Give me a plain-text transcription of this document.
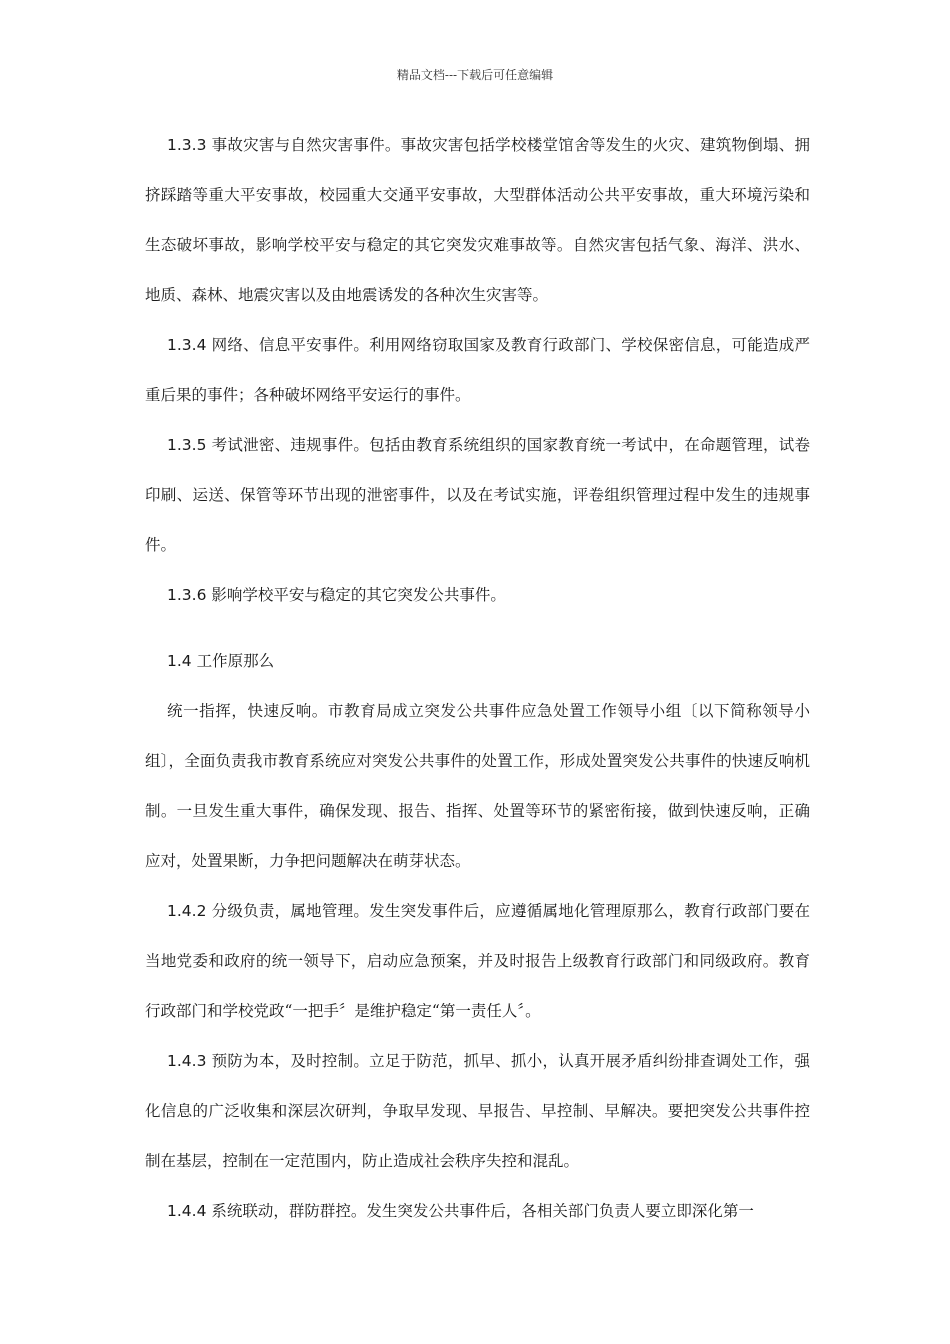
精品文档---下载后可任意编辑

1.3.3 事故灾害与自然灾害事件。事故灾害包括学校楼堂馆舍等发生的火灾、建筑物倒塌、拥挤踩踏等重大平安事故，校园重大交通平安事故，大型群体活动公共平安事故，重大环境污染和生态破坏事故，影响学校平安与稳定的其它突发灾难事故等。自然灾害包括气象、海洋、洪水、地质、森林、地震灾害以及由地震诱发的各种次生灾害等。

1.3.4 网络、信息平安事件。利用网络窃取国家及教育行政部门、学校保密信息，可能造成严重后果的事件；各种破坏网络平安运行的事件。

1.3.5 考试泄密、违规事件。包括由教育系统组织的国家教育统一考试中，在命题管理，试卷印刷、运送、保管等环节出现的泄密事件，以及在考试实施，评卷组织管理过程中发生的违规事件。

1.3.6 影响学校平安与稳定的其它突发公共事件。

1.4 工作原那么

统一指挥，快速反响。市教育局成立突发公共事件应急处置工作领导小组〔以下简称领导小组〕，全面负责我市教育系统应对突发公共事件的处置工作，形成处置突发公共事件的快速反响机制。一旦发生重大事件，确保发现、报告、指挥、处置等环节的紧密衔接，做到快速反响，正确应对，处置果断，力争把问题解决在萌芽状态。

1.4.2 分级负责，属地管理。发生突发事件后，应遵循属地化管理原那么，教育行政部门要在当地党委和政府的统一领导下，启动应急预案，并及时报告上级教育行政部门和同级政府。教育行政部门和学校党政“一把手〞是维护稳定“第一责任人〞。

1.4.3 预防为本，及时控制。立足于防范，抓早、抓小，认真开展矛盾纠纷排查调处工作，强化信息的广泛收集和深层次研判，争取早发现、早报告、早控制、早解决。要把突发公共事件控制在基层，控制在一定范围内，防止造成社会秩序失控和混乱。

1.4.4 系统联动，群防群控。发生突发公共事件后，各相关部门负责人要立即深化第一
